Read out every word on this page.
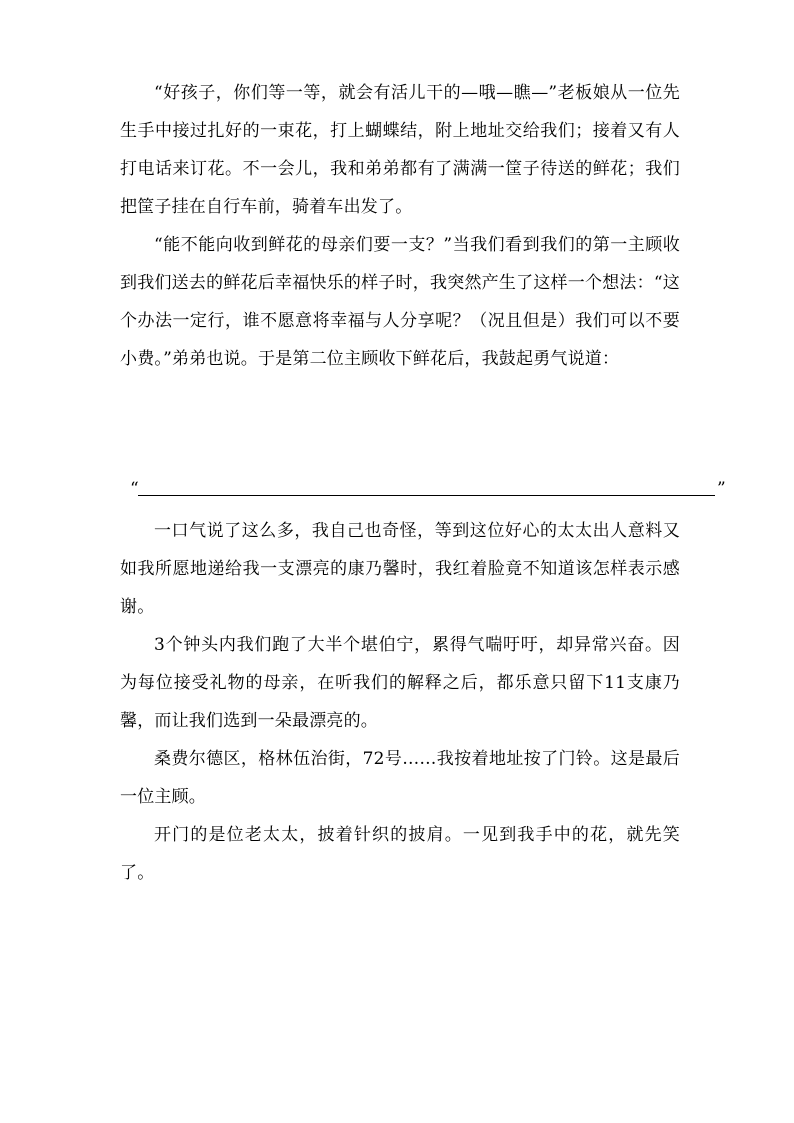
“好孩子，你们等一等，就会有活儿干的—哦—瞧—”老板娘从一位先生手中接过扎好的一束花，打上蝴蝶结，附上地址交给我们；接着又有人打电话来订花。不一会儿，我和弟弟都有了满满一筐子待送的鲜花；我们把筐子挂在自行车前，骑着车出发了。

“能不能向收到鲜花的母亲们要一支？”当我们看到我们的第一主顾收到我们送去的鲜花后幸福快乐的样子时，我突然产生了这样一个想法：“这个办法一定行，谁不愿意将幸福与人分享呢？（况且但是）我们可以不要小费。”弟弟也说。于是第二位主顾收下鲜花后，我鼓起勇气说道：

“	”

一口气说了这么多，我自己也奇怪，等到这位好心的太太出人意料又如我所愿地递给我一支漂亮的康乃馨时，我红着脸竟不知道该怎样表示感谢。

3个钟头内我们跑了大半个堪伯宁，累得气喘吁吁，却异常兴奋。因为每位接受礼物的母亲，在听我们的解释之后，都乐意只留下11支康乃馨，而让我们选到一朵最漂亮的。

桑费尔德区，格林伍治街，72号……我按着地址按了门铃。这是最后一位主顾。

开门的是位老太太，披着针织的披肩。一见到我手中的花，就先笑了。
